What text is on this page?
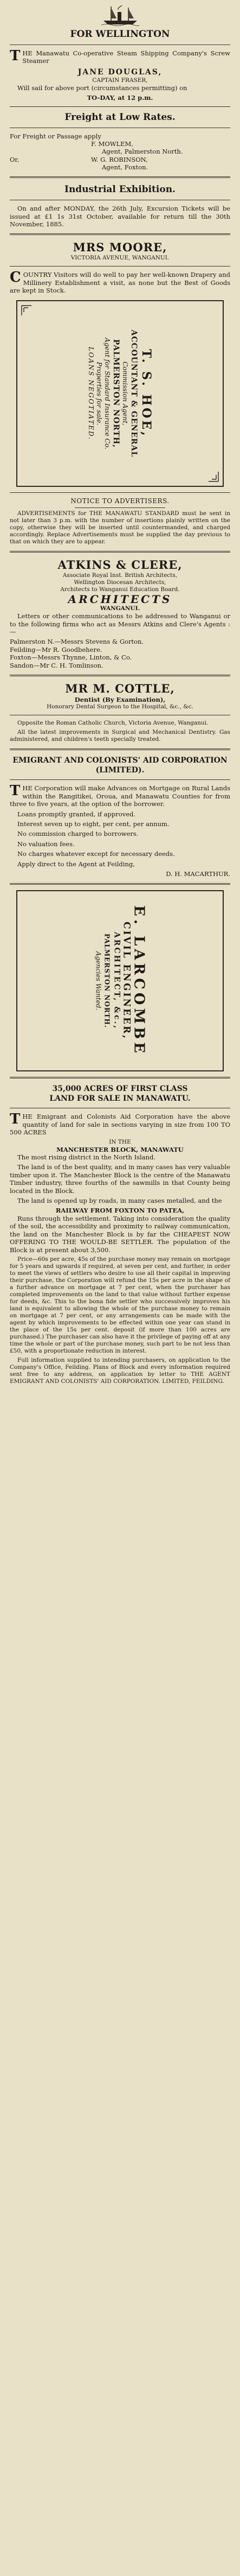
FOR WELLINGTON

THE Manawatu Co-operative Steam Shipping Company's Screw Steamer

JANE DOUGLAS,
CAPTAIN FRASER,

Will sail for above port (circumstances permitting) on

TO-DAY, at 12 p.m.
Freight at Low Rates.
For Freight or Passage apply
F. MOWLEM,
Agent, Palmerston North.
Or,	W. G. ROBINSON,
Agent, Foxton.
Industrial Exhibition.

On and after MONDAY, the 26th July, Excursion Tickets will be issued at £1 1s 31st October, available for return till the 30th November, 1885.

MRS MOORE,
VICTORIA AVENUE, WANGANUI.

COUNTRY Visitors will do well to pay her well-known Drapery and Millinery Establishment a visit, as none but the Best of Goods are kept in Stock.

T. S. HOE,
ACCOUNTANT & GENERAL
Commission Agent,
PALMERSTON NORTH,
Agent for Standard Insurance Co.
Properties for sale.
LOANS NEGOTIATED.
NOTICE TO ADVERTISERS.

ADVERTISEMENTS for THE MANAWATU STANDARD must be sent in not later than 3 p.m. with the number of insertions plainly written on the copy, otherwise they will be inserted until countermanded, and charged accordingly. Replace Advertisements must be supplied the day previous to that on which they are to appear.

ATKINS & CLERE,
Associate Royal Inst. British Architects,
Wellington Diocesan Architects,
Architects to Wanganui Education Board.
ARCHITECTS
WANGANUI.

Letters or other communications to be addressed to Wanganui or to the following firms who act as Messrs Atkins and Clere's Agents :—

Palmerston N.—Messrs Stevens & Gorton.
Feilding—Mr R. Goodbehere.
Foxton—Messrs Thynne, Linton, & Co.
Sandon—Mr C. H. Tomlinson.
MR M. COTTLE,
Dentist (By Examination),
Honorary Dental Surgeon to the Hospital, &c., &c.

Opposite the Roman Catholic Church, Victoria Avenue, Wanganui.

All the latest improvements in Surgical and Mechanical Dentistry. Gas administered, and children's teeth specially treated.

EMIGRANT AND COLONISTS' AID CORPORATION (LIMITED).

THE Corporation will make Advances on Mortgage on Rural Lands within the Rangitikei, Oroua, and Manawatu Counties for from three to five years, at the option of the borrower.

Loans promptly granted, if approved.

Interest seven up to eight, per cent, per annum.

No commission charged to borrowers.

No valuation fees.

No charges whatever except for necessary deeds.

Apply direct to the Agent at Feilding,

D. H. MACARTHUR.
E. LARCOMBE
CIVIL ENGINEER,
ARCHITECT, &c.,
PALMERSTON NORTH.
Agencies Wanted.
35,000 ACRES OF FIRST CLASS
LAND FOR SALE IN MANAWATU.

THE Emigrant and Colonists Aid Corporation have the above quantity of land for sale in sections varying in size from 100 TO 500 ACRES

IN THE
MANCHESTER BLOCK, MANAWATU

The most rising district in the North Island.

The land is of the best quality, and in many cases has very valuable timber upon it. The Manchester Block is the centre of the Manawatu Timber industry, three fourths of the sawmills in that County being located in the Block.

The land is opened up by roads, in many cases metalled, and the

RAILWAY FROM FOXTON TO PATEA,

Runs through the settlement. Taking into consideration the quality of the soil, the accessibility and proximity to railway communication, the land on the Manchester Block is by far the CHEAPEST NOW OFFERING TO THE WOULD-BE SETTLER. The population of the Block is at present about 3,500.

Price—60s per acre, 45s of the purchase money may remain on mortgage for 5 years and upwards if required, at seven per cent, and further, in order to meet the views of settlers who desire to use all their capital in improving their purchase, the Corporation will refund the 15s per acre in the shape of a further advance on mortgage at 7 per cent, when the purchaser has completed improvements on the land to that value without further expense for deeds, &c. This to the bona fide settler who successively improves his land is equivalent to allowing the whole of the purchase money to remain on mortgage at 7 per cent, or any arrangements can be made with the agent by which improvements to be effected within one year can stand in the place of the 15s per cent. deposit (if more than 100 acres are purchased.) The purchaser can also have it the privilege of paying off at any time the whole or part of the purchase money, such part to be not less than £50, with a proportionate reduction in interest.

Full information supplied to intending purchasers, on application to the Company's Office, Feilding. Plans of Block and every information required sent free to any address, on application by letter to THE AGENT EMIGRANT AND COLONISTS' AID CORPORATION. LIMITED, FEILDING.
